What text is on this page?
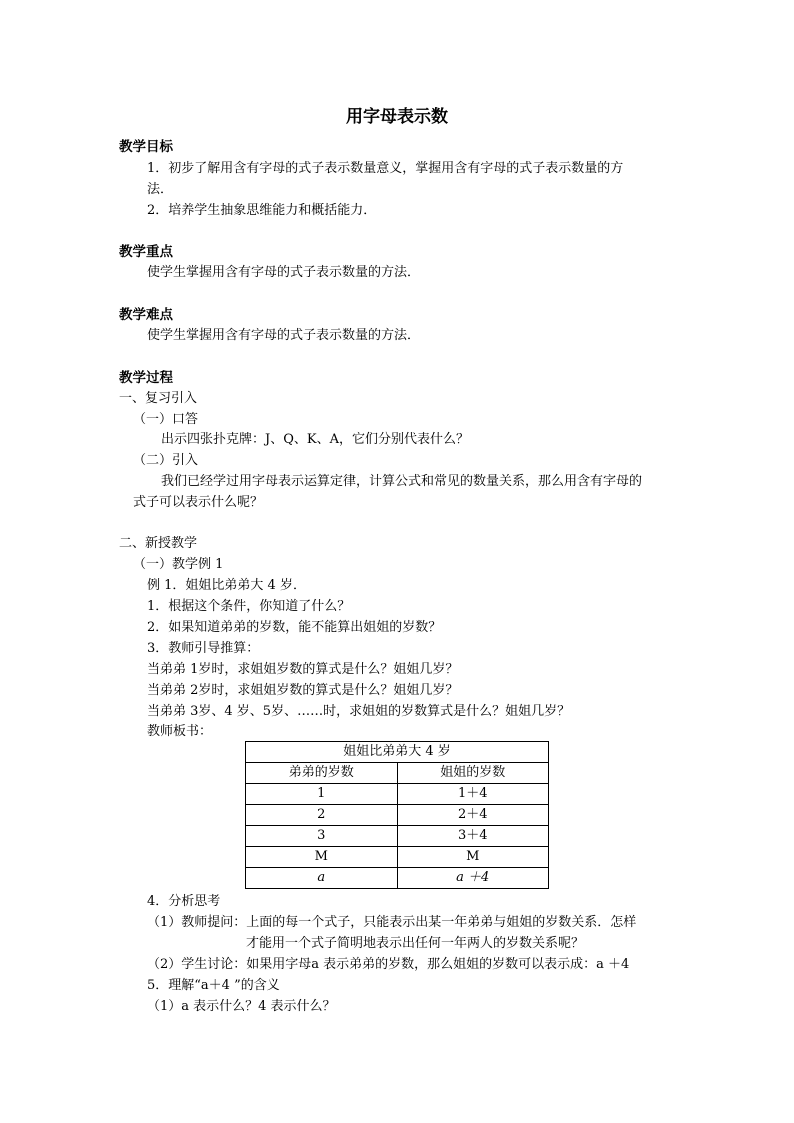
用字母表示数
教学目标
1．初步了解用含有字母的式子表示数量意义，掌握用含有字母的式子表示数量的方
法．
2．培养学生抽象思维能力和概括能力．
教学重点
使学生掌握用含有字母的式子表示数量的方法．
教学难点
使学生掌握用含有字母的式子表示数量的方法．
教学过程
一、复习引入
（一）口答
出示四张扑克牌：J、Q、K、A，它们分别代表什么？
（二）引入
我们已经学过用字母表示运算定律，计算公式和常见的数量关系，那么用含有字母的
式子可以表示什么呢？
二、新授教学
（一）教学例 1
例 1．姐姐比弟弟大 4 岁．
1．根据这个条件，你知道了什么？
2．如果知道弟弟的岁数，能不能算出姐姐的岁数？
3．教师引导推算：
当弟弟 1岁时，求姐姐岁数的算式是什么？姐姐几岁？
当弟弟 2岁时，求姐姐岁数的算式是什么？姐姐几岁？
当弟弟 3岁、4 岁、5岁、……时，求姐姐的岁数算式是什么？姐姐几岁？
教师板书：
姐姐比弟弟大 4 岁	
弟弟的岁数	姐姐的岁数
1	1＋4
2	2＋4
3	3＋4
M	M
a	a ＋4
4．分析思考
（1）教师提问：上面的每一个式子，只能表示出某一年弟弟与姐姐的岁数关系．怎样
才能用一个式子简明地表示出任何一年两人的岁数关系呢？
（2）学生讨论：如果用字母a 表示弟弟的岁数，那么姐姐的岁数可以表示成：a ＋4
5．理解“a＋4 ”的含义
（1）a 表示什么？4 表示什么？
